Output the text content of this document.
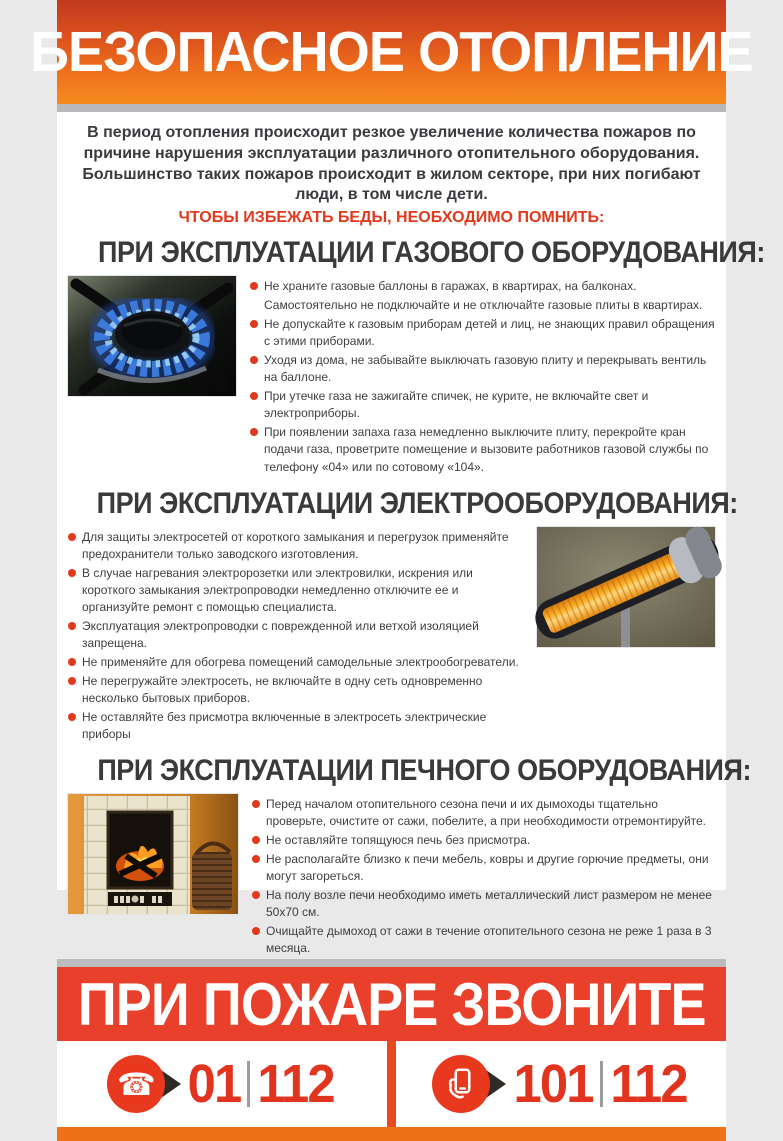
БЕЗОПАСНОЕ ОТОПЛЕНИЕ
В период отопления происходит резкое увеличение количества пожаров по причине нарушения эксплуатации различного отопительного оборудования. Большинство таких пожаров происходит в жилом секторе, при них погибают люди, в том числе дети.
ЧТОБЫ ИЗБЕЖАТЬ БЕДЫ, НЕОБХОДИМО ПОМНИТЬ:
ПРИ ЭКСПЛУАТАЦИИ ГАЗОВОГО ОБОРУДОВАНИЯ:
Не храните газовые баллоны в гаражах, в квартирах, на балконах.
Самостоятельно не подключайте и не отключайте газовые плиты в квартирах.
Не допускайте к газовым приборам детей и лиц, не знающих правил обращения с этими приборами.
Уходя из дома, не забывайте выключать газовую плиту и перекрывать вентиль на баллоне.
При утечке газа не зажигайте спичек, не курите, не включайте свет и электроприборы.
При появлении запаха газа немедленно выключите плиту, перекройте кран подачи газа, проветрите помещение и вызовите работников газовой службы по телефону «04» или по сотовому «104».
ПРИ ЭКСПЛУАТАЦИИ ЭЛЕКТРООБОРУДОВАНИЯ:
Для защиты электросетей от короткого замыкания и перегрузок применяйте предохранители только заводского изготовления.
В случае нагревания электророзетки или электровилки, искрения или короткого замыкания электропроводки немедленно отключите ее и организуйте ремонт с помощью специалиста.
Эксплуатация электропроводки с поврежденной или ветхой изоляцией запрещена.
Не применяйте для обогрева помещений самодельные электрообогреватели.
Не перегружайте электросеть, не включайте в одну сеть одновременно несколько бытовых приборов.
Не оставляйте без присмотра включенные в электросеть электрические приборы
ПРИ ЭКСПЛУАТАЦИИ ПЕЧНОГО ОБОРУДОВАНИЯ:
Перед началом отопительного сезона печи и их дымоходы тщательно проверьте, очистите от сажи, побелите, а при необходимости отремонтируйте.
Не оставляйте топящуюся печь без присмотра.
Не располагайте близко к печи мебель, ковры и другие горючие предметы, они могут загореться.
На полу возле печи необходимо иметь металлический лист размером не менее 50х70 см.
Очищайте дымоход от сажи в течение отопительного сезона не реже 1 раза в 3 месяца.
ПРИ ПОЖАРЕ ЗВОНИТЕ
☎ 01 112	101 112
